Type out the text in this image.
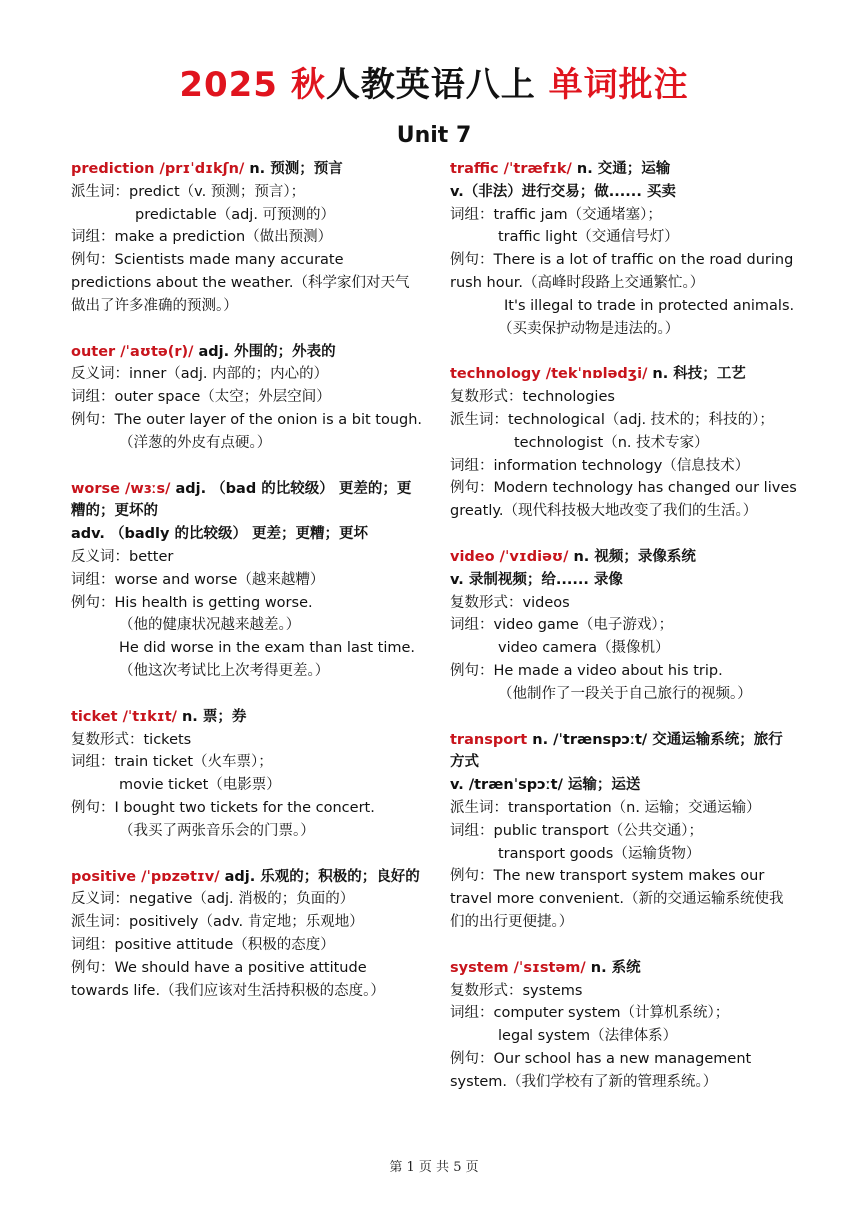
2025 秋人教英语八上 单词批注
Unit 7
prediction /prɪˈdɪkʃn/ n. 预测；预言
派生词：predict（v. 预测；预言）；
predictable（adj. 可预测的）
词组：make a prediction（做出预测）
例句：Scientists made many accurate
predictions about the weather.（科学家们对天气
做出了许多准确的预测。）
outer /ˈaʊtə(r)/ adj. 外围的；外表的
反义词：inner（adj. 内部的；内心的）
词组：outer space（太空；外层空间）
例句：The outer layer of the onion is a bit tough.
（洋葱的外皮有点硬。）
worse /wɜːs/ adj. （bad 的比较级） 更差的；更
糟的；更坏的
adv. （badly 的比较级） 更差；更糟；更坏
反义词：better
词组：worse and worse（越来越糟）
例句：His health is getting worse.
（他的健康状况越来越差。）
He did worse in the exam than last time.
（他这次考试比上次考得更差。）
ticket /ˈtɪkɪt/ n. 票；券
复数形式：tickets
词组：train ticket（火车票）；
movie ticket（电影票）
例句：I bought two tickets for the concert.
（我买了两张音乐会的门票。）
positive /ˈpɒzətɪv/ adj. 乐观的；积极的；良好的
反义词：negative（adj. 消极的；负面的）
派生词：positively（adv. 肯定地；乐观地）
词组：positive attitude（积极的态度）
例句：We should have a positive attitude
towards life.（我们应该对生活持积极的态度。）
traffic /ˈtræfɪk/ n. 交通；运输
v.（非法）进行交易；做...... 买卖
词组：traffic jam（交通堵塞）；
traffic light（交通信号灯）
例句：There is a lot of traffic on the road during
rush hour.（高峰时段路上交通繁忙。）
It's illegal to trade in protected animals.
（买卖保护动物是违法的。）
technology /tekˈnɒlədʒi/ n. 科技；工艺
复数形式：technologies
派生词：technological（adj. 技术的；科技的）；
technologist（n. 技术专家）
词组：information technology（信息技术）
例句：Modern technology has changed our lives
greatly.（现代科技极大地改变了我们的生活。）
video /ˈvɪdiəʊ/ n. 视频；录像系统
v. 录制视频；给...... 录像
复数形式：videos
词组：video game（电子游戏）；
video camera（摄像机）
例句：He made a video about his trip.
（他制作了一段关于自己旅行的视频。）
transport n. /ˈtrænspɔːt/ 交通运输系统；旅行
方式
v. /trænˈspɔːt/ 运输；运送
派生词：transportation（n. 运输；交通运输）
词组：public transport（公共交通）；
transport goods（运输货物）
例句：The new transport system makes our
travel more convenient.（新的交通运输系统使我
们的出行更便捷。）
system /ˈsɪstəm/ n. 系统
复数形式：systems
词组：computer system（计算机系统）；
legal system（法律体系）
例句：Our school has a new management
system.（我们学校有了新的管理系统。）
第 1 页 共 5 页
